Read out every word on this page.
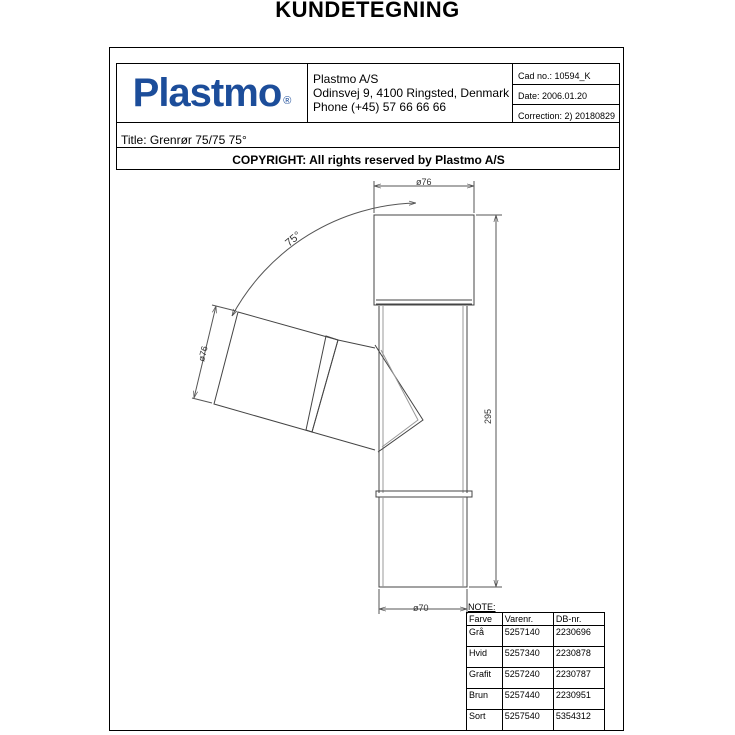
KUNDETEGNING
Plastmo ®
Plastmo A/S
Odinsvej 9, 4100 Ringsted, Denmark
Phone (+45) 57 66 66 66
Cad no.: 10594_K
Date: 2006.01.20
Correction: 2) 20180829
Title: Grenrør 75/75 75°
COPYRIGHT: All rights reserved by Plastmo A/S
ø76
ø70
295
ø76
75°
NOTE:
Farve	Varenr.	DB-nr.
Grå	5257140	2230696
Hvid	5257340	2230878
Grafit	5257240	2230787
Brun	5257440	2230951
Sort	5257540	5354312
